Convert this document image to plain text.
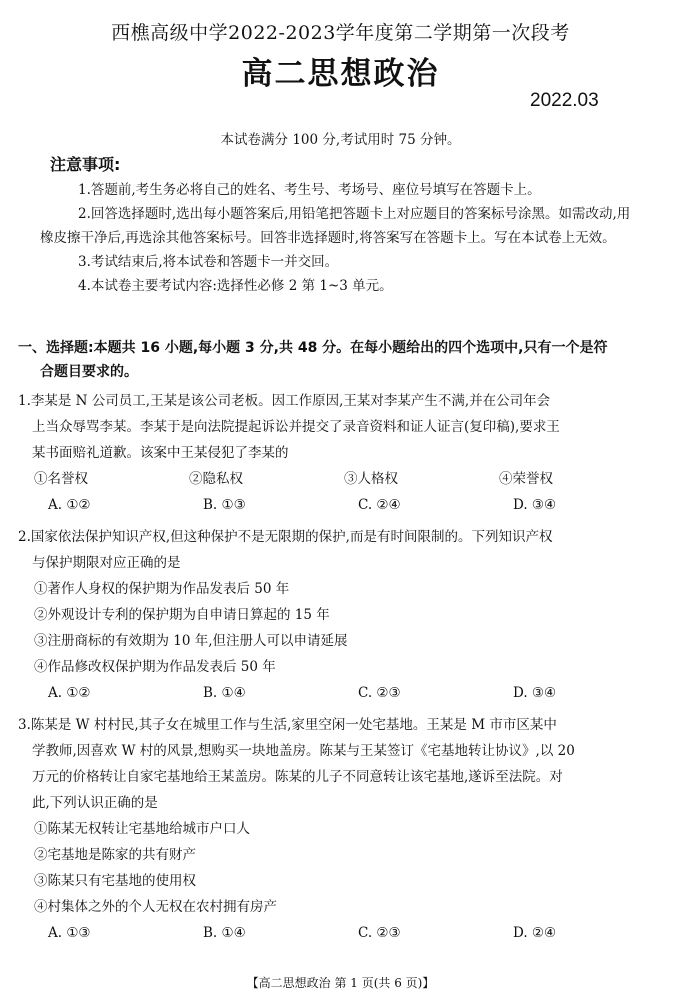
西樵高级中学2022-2023学年度第二学期第一次段考
高二思想政治
2022.03
本试卷满分 100 分,考试用时 75 分钟。
注意事项:

1.答题前,考生务必将自己的姓名、考生号、考场号、座位号填写在答题卡上。

2.回答选择题时,选出每小题答案后,用铅笔把答题卡上对应题目的答案标号涂黑。如需改动,用橡皮擦干净后,再选涂其他答案标号。回答非选择题时,将答案写在答题卡上。写在本试卷上无效。

3.考试结束后,将本试卷和答题卡一并交回。

4.本试卷主要考试内容:选择性必修 2 第 1~3 单元。

一、选择题:本题共 16 小题,每小题 3 分,共 48 分。在每小题给出的四个选项中,只有一个是符
合题目要求的。

1.李某是 N 公司员工,王某是该公司老板。因工作原因,王某对李某产生不满,并在公司年会

上当众辱骂李某。李某于是向法院提起诉讼并提交了录音资料和证人证言(复印稿),要求王

某书面赔礼道歉。该案中王某侵犯了李某的

①名誉权	②隐私权	③人格权	④荣誉权
A. ①②	B. ①③	C. ②④	D. ③④

2.国家依法保护知识产权,但这种保护不是无限期的保护,而是有时间限制的。下列知识产权

与保护期限对应正确的是

①著作人身权的保护期为作品发表后 50 年

②外观设计专利的保护期为自申请日算起的 15 年

③注册商标的有效期为 10 年,但注册人可以申请延展

④作品修改权保护期为作品发表后 50 年

A. ①②	B. ①④	C. ②③	D. ③④

3.陈某是 W 村村民,其子女在城里工作与生活,家里空闲一处宅基地。王某是 M 市市区某中

学教师,因喜欢 W 村的风景,想购买一块地盖房。陈某与王某签订《宅基地转让协议》,以 20

万元的价格转让自家宅基地给王某盖房。陈某的儿子不同意转让该宅基地,遂诉至法院。对

此,下列认识正确的是

①陈某无权转让宅基地给城市户口人

②宅基地是陈家的共有财产

③陈某只有宅基地的使用权

④村集体之外的个人无权在农村拥有房产

A. ①③	B. ①④	C. ②③	D. ②④
【高二思想政治 第 1 页(共 6 页)】
